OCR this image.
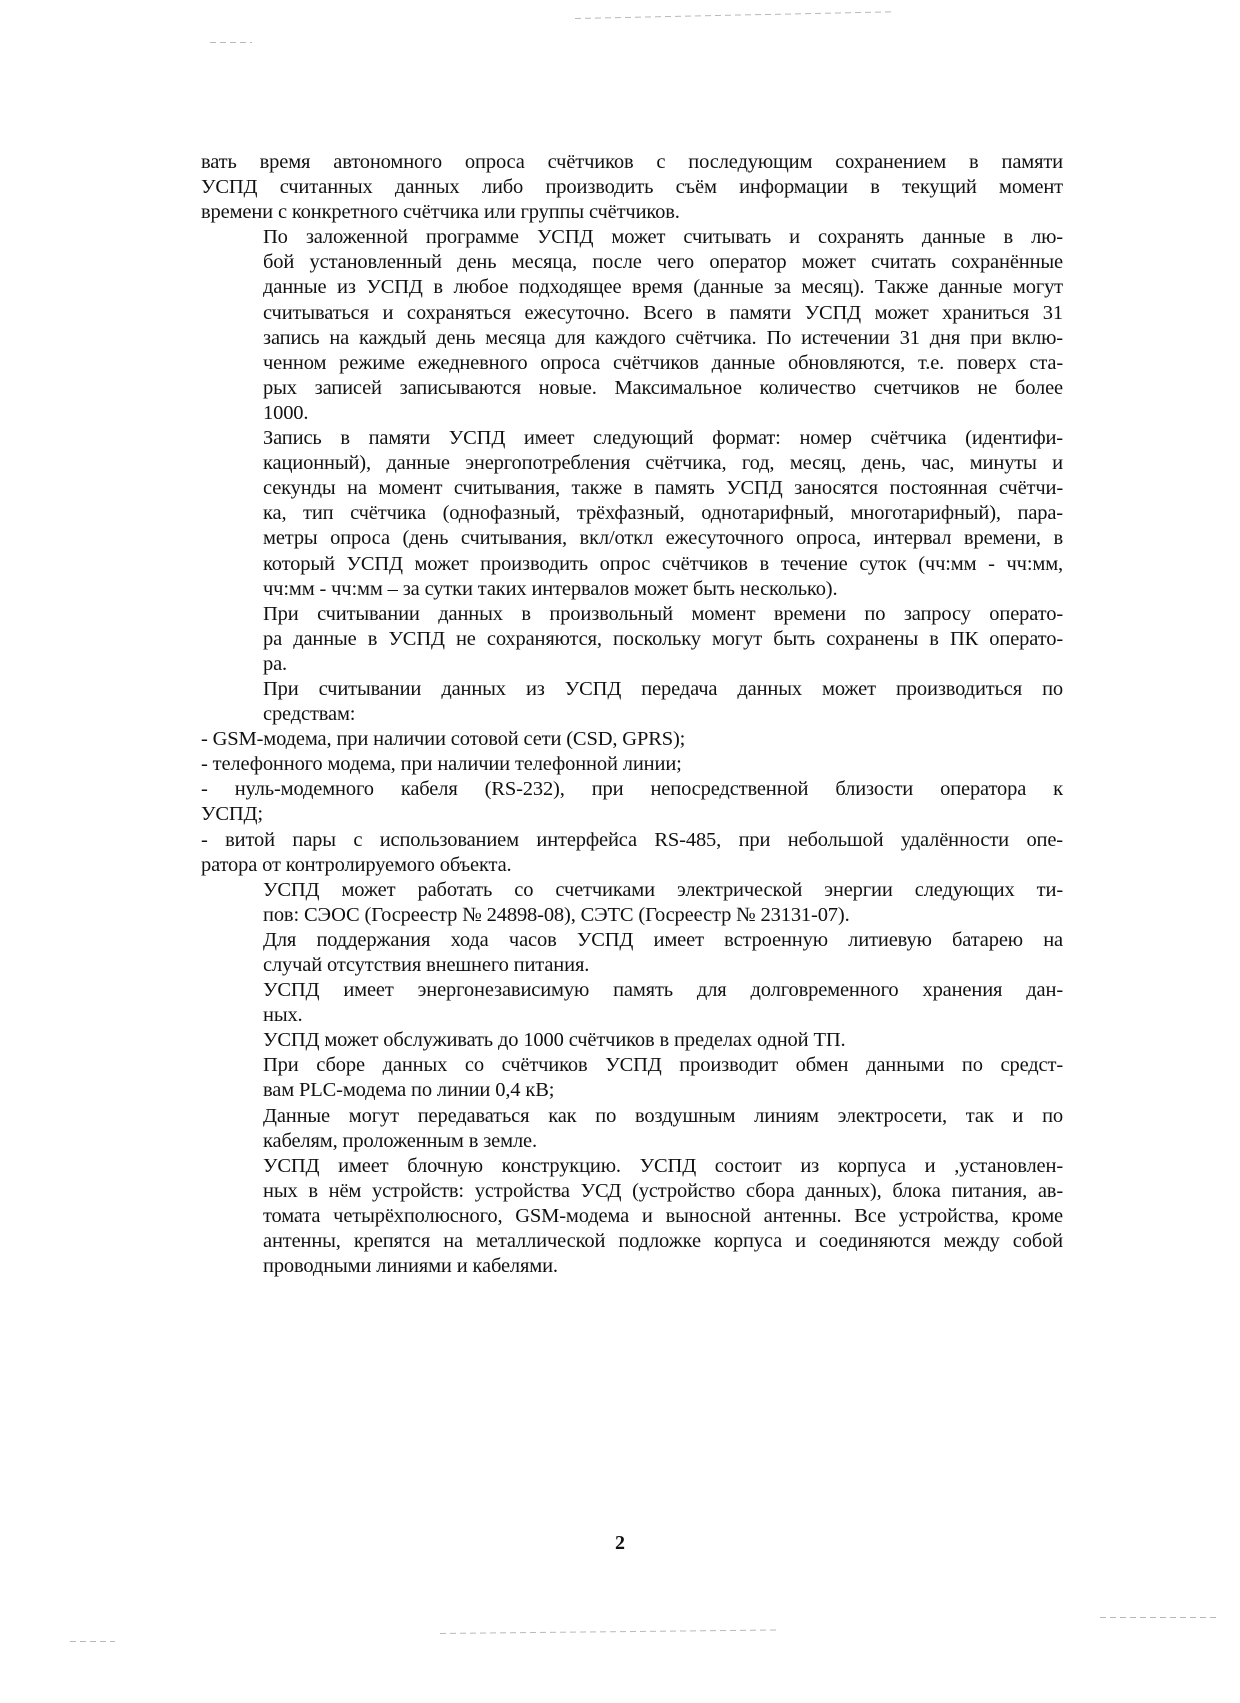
вать время автономного опроса счётчиков с последующим сохранением в памяти
УСПД считанных данных либо производить съём информации в текущий момент
времени с конкретного счётчика или группы счётчиков.

По заложенной программе УСПД может считывать и сохранять данные в лю-
бой установленный день месяца, после чего оператор может считать сохранённые
данные из УСПД в любое подходящее время (данные за месяц). Также данные могут
считываться и сохраняться ежесуточно. Всего в памяти УСПД может храниться 31
запись на каждый день месяца для каждого счётчика. По истечении 31 дня при вклю-
ченном режиме ежедневного опроса счётчиков данные обновляются, т.е. поверх ста-
рых записей записываются новые. Максимальное количество счетчиков не более
1000.

Запись в памяти УСПД имеет следующий формат: номер счётчика (идентифи-
кационный), данные энергопотребления счётчика, год, месяц, день, час, минуты и
секунды на момент считывания, также в память УСПД заносятся постоянная счётчи-
ка, тип счётчика (однофазный, трёхфазный, однотарифный, многотарифный), пара-
метры опроса (день считывания, вкл/откл ежесуточного опроса, интервал времени, в
который УСПД может производить опрос счётчиков в течение суток (чч:мм - чч:мм,
чч:мм - чч:мм – за сутки таких интервалов может быть несколько).

При считывании данных в произвольный момент времени по запросу операто-
ра данные в УСПД не сохраняются, поскольку могут быть сохранены в ПК операто-
ра.

При считывании данных из УСПД передача данных может производиться по
средствам:

- GSM-модема, при наличии сотовой сети (CSD, GPRS);

- телефонного модема, при наличии телефонной линии;

- нуль-модемного кабеля (RS-232), при непосредственной близости оператора к
УСПД;

- витой пары с использованием интерфейса RS-485, при небольшой удалённости опе-
ратора от контролируемого объекта.

УСПД может работать со счетчиками электрической энергии следующих ти-
пов: СЭОС (Госреестр № 24898-08), СЭТС (Госреестр № 23131-07).

Для поддержания хода часов УСПД имеет встроенную литиевую батарею на
случай отсутствия внешнего питания.

УСПД имеет энергонезависимую память для долговременного хранения дан-
ных.

УСПД может обслуживать до 1000 счётчиков в пределах одной ТП.

При сборе данных со счётчиков УСПД производит обмен данными по средст-
вам PLC-модема по линии 0,4 кВ;

Данные могут передаваться как по воздушным линиям электросети, так и по
кабелям, проложенным в земле.

УСПД имеет блочную конструкцию. УСПД состоит из корпуса и ,установлен-
ных в нём устройств: устройства УСД (устройство сбора данных), блока питания, ав-
томата четырёхполюсного, GSM-модема и выносной антенны. Все устройства, кроме
антенны, крепятся на металлической подложке корпуса и соединяются между собой
проводными линиями и кабелями.

2
